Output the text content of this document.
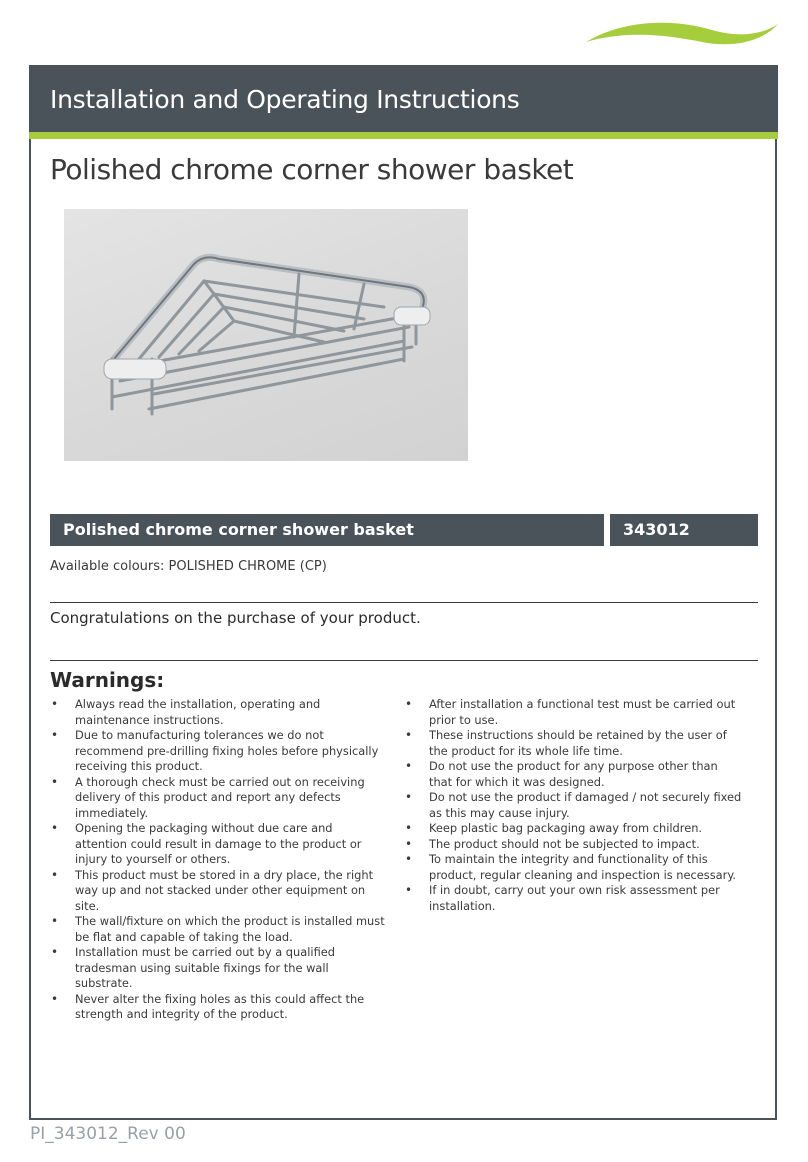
Installation and Operating Instructions
Polished chrome corner shower basket
Polished chrome corner shower basket	343012
Available colours: POLISHED CHROME (CP)
Congratulations on the purchase of your product.
Warnings:
• Always read the installation, operating and maintenance instructions.
• Due to manufacturing tolerances we do not recommend pre-drilling fixing holes before physically receiving this product.
• A thorough check must be carried out on receiving delivery of this product and report any defects immediately.
• Opening the packaging without due care and attention could result in damage to the product or injury to yourself or others.
• This product must be stored in a dry place, the right way up and not stacked under other equipment on site.
• The wall/fixture on which the product is installed must be flat and capable of taking the load.
• Installation must be carried out by a qualified tradesman using suitable fixings for the wall substrate.
• Never alter the fixing holes as this could affect the strength and integrity of the product.
• After installation a functional test must be carried out prior to use.
• These instructions should be retained by the user of the product for its whole life time.
• Do not use the product for any purpose other than that for which it was designed.
• Do not use the product if damaged / not securely fixed as this may cause injury.
• Keep plastic bag packaging away from children.
• The product should not be subjected to impact.
• To maintain the integrity and functionality of this product, regular cleaning and inspection is necessary.
• If in doubt, carry out your own risk assessment per installation.
PI_343012_Rev 00
